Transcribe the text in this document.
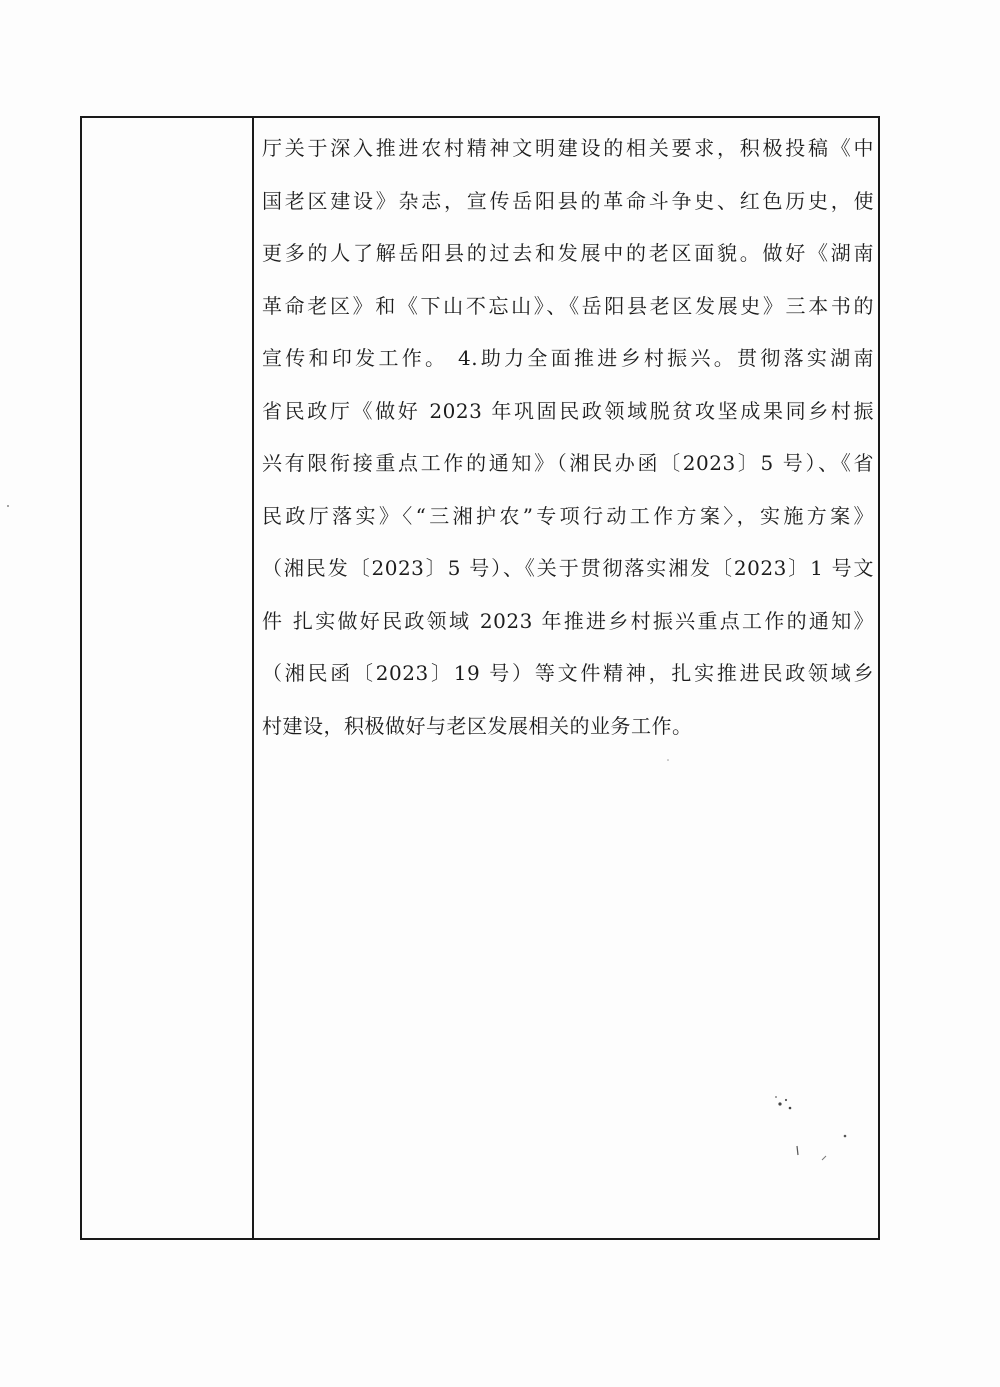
厅关于深入推进农村精神文明建设的相关要求，积极投稿《中
国老区建设》杂志，宣传岳阳县的革命斗争史、红色历史，使
更多的人了解岳阳县的过去和发展中的老区面貌。做好《湖南
革命老区》和《下山不忘山》、《岳阳县老区发展史》三本书的
宣传和印发工作。 4.助力全面推进乡村振兴。贯彻落实湖南
省民政厅《做好 2023 年巩固民政领域脱贫攻坚成果同乡村振
兴有限衔接重点工作的通知》（湘民办函〔2023〕5 号）、《省
民政厅落实》〈“三湘护农”专项行动工作方案〉，实施方案》
（湘民发〔2023〕5 号）、《关于贯彻落实湘发〔2023〕1 号文
件 扎实做好民政领域 2023 年推进乡村振兴重点工作的通知》
（湘民函〔2023〕19 号）等文件精神，扎实推进民政领域乡
村建设，积极做好与老区发展相关的业务工作。
